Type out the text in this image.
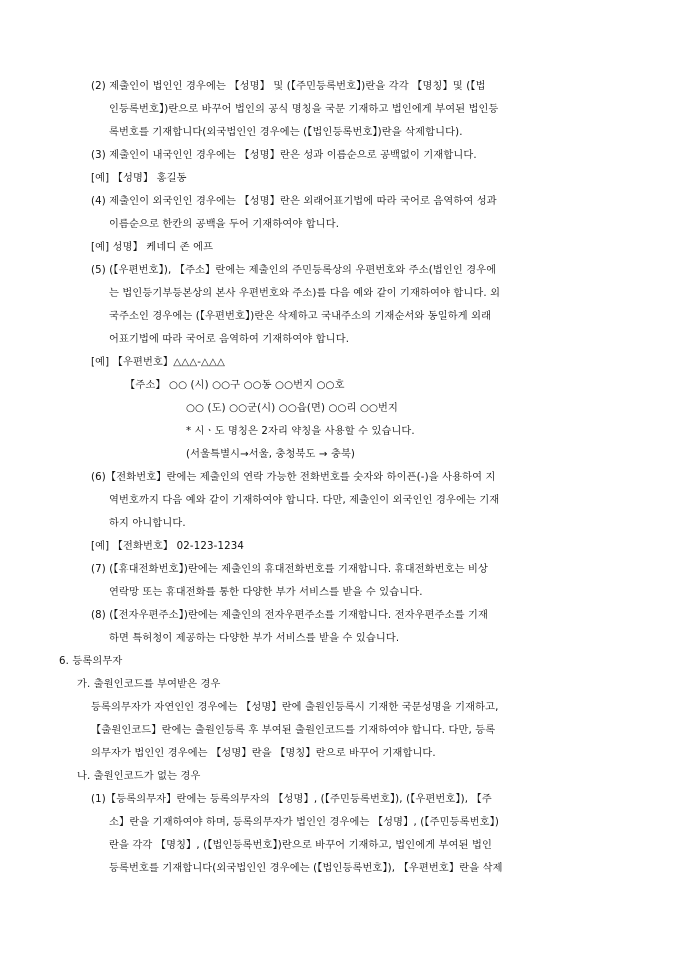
(2) 제출인이 법인인 경우에는 【성명】 및 (【주민등록번호】)란을 각각 【명칭】및 (【법
인등록번호】)란으로 바꾸어 법인의 공식 명칭을 국문 기재하고 법인에게 부여된 법인등
록번호를 기재합니다(외국법인인 경우에는 (【법인등록번호】)란을 삭제합니다).
(3) 제출인이 내국인인 경우에는 【성명】란은 성과 이름순으로 공백없이 기재합니다.
[예] 【성명】 홍길동
(4) 제출인이 외국인인 경우에는 【성명】란은 외래어표기법에 따라 국어로 음역하여 성과
이름순으로 한칸의 공백을 두어 기재하여야 합니다.
[예] 성명】 케네디 존 에프
(5) (【우편번호】), 【주소】란에는 제출인의 주민등록상의 우편번호와 주소(법인인 경우에
는 법인등기부등본상의 본사 우편번호와 주소)를 다음 예와 같이 기재하여야 합니다. 외
국주소인 경우에는 (【우편번호】)란은 삭제하고 국내주소의 기재순서와 동일하게 외래
어표기법에 따라 국어로 음역하여 기재하여야 합니다.
[예] 【우편번호】△△△-△△△
【주소】 ○○ (시) ○○구 ○○동 ○○번지 ○○호
○○ (도) ○○군(시) ○○읍(면) ○○리 ○○번지
* 시ㆍ도 명칭은 2자리 약칭을 사용할 수 있습니다.
(서울특별시→서울, 충청북도 → 충북)
(6)【전화번호】란에는 제출인의 연락 가능한 전화번호를 숫자와 하이픈(-)을 사용하여 지
역번호까지 다음 예와 같이 기재하여야 합니다. 다만, 제출인이 외국인인 경우에는 기재
하지 아니합니다.
[예] 【전화번호】 02-123-1234
(7) (【휴대전화번호】)란에는 제출인의 휴대전화번호를 기재합니다. 휴대전화번호는 비상
연락망 또는 휴대전화를 통한 다양한 부가 서비스를 받을 수 있습니다.
(8) (【전자우편주소】)란에는 제출인의 전자우편주소를 기재합니다. 전자우편주소를 기재
하면 특허청이 제공하는 다양한 부가 서비스를 받을 수 있습니다.
6. 등록의무자
가. 출원인코드를 부여받은 경우
등록의무자가 자연인인 경우에는 【성명】란에 출원인등록시 기재한 국문성명을 기재하고,
【출원인코드】란에는 출원인등록 후 부여된 출원인코드를 기재하여야 합니다. 다만, 등록
의무자가 법인인 경우에는 【성명】란을 【명칭】란으로 바꾸어 기재합니다.
나. 출원인코드가 없는 경우
(1)【등록의무자】란에는 등록의무자의 【성명】, (【주민등록번호】), (【우편번호】), 【주
소】란을 기재하여야 하며, 등록의무자가 법인인 경우에는 【성명】, (【주민등록번호】)
란을 각각 【명칭】, (【법인등록번호】)란으로 바꾸어 기재하고, 법인에게 부여된 법인
등록번호를 기재합니다(외국법인인 경우에는 (【법인등록번호】), 【우편번호】란을 삭제
